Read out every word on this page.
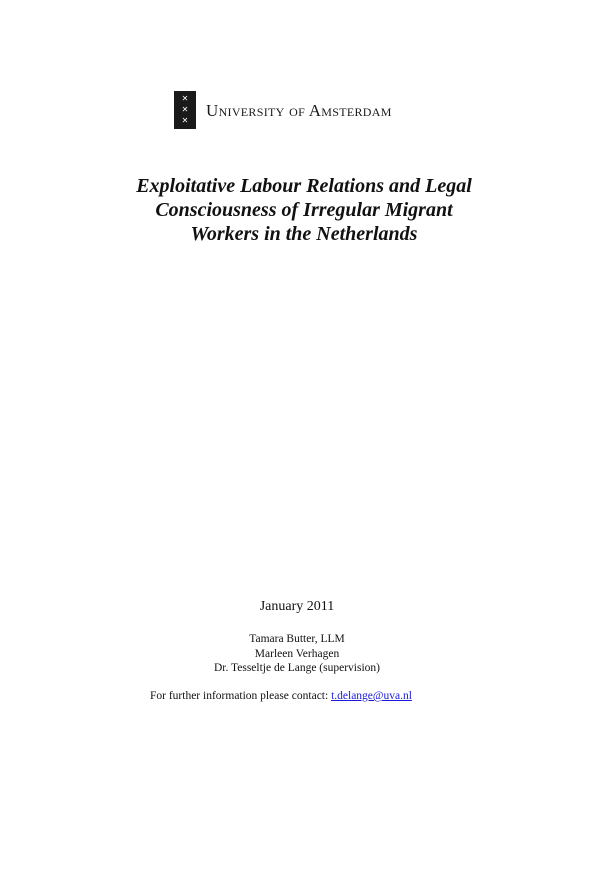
✕
✕
✕
University of Amsterdam
Exploitative Labour Relations and Legal
Consciousness of Irregular Migrant
Workers in the Netherlands
January 2011
Tamara Butter, LLM
Marleen Verhagen
Dr. Tesseltje de Lange (supervision)
For further information please contact: t.delange@uva.nl
